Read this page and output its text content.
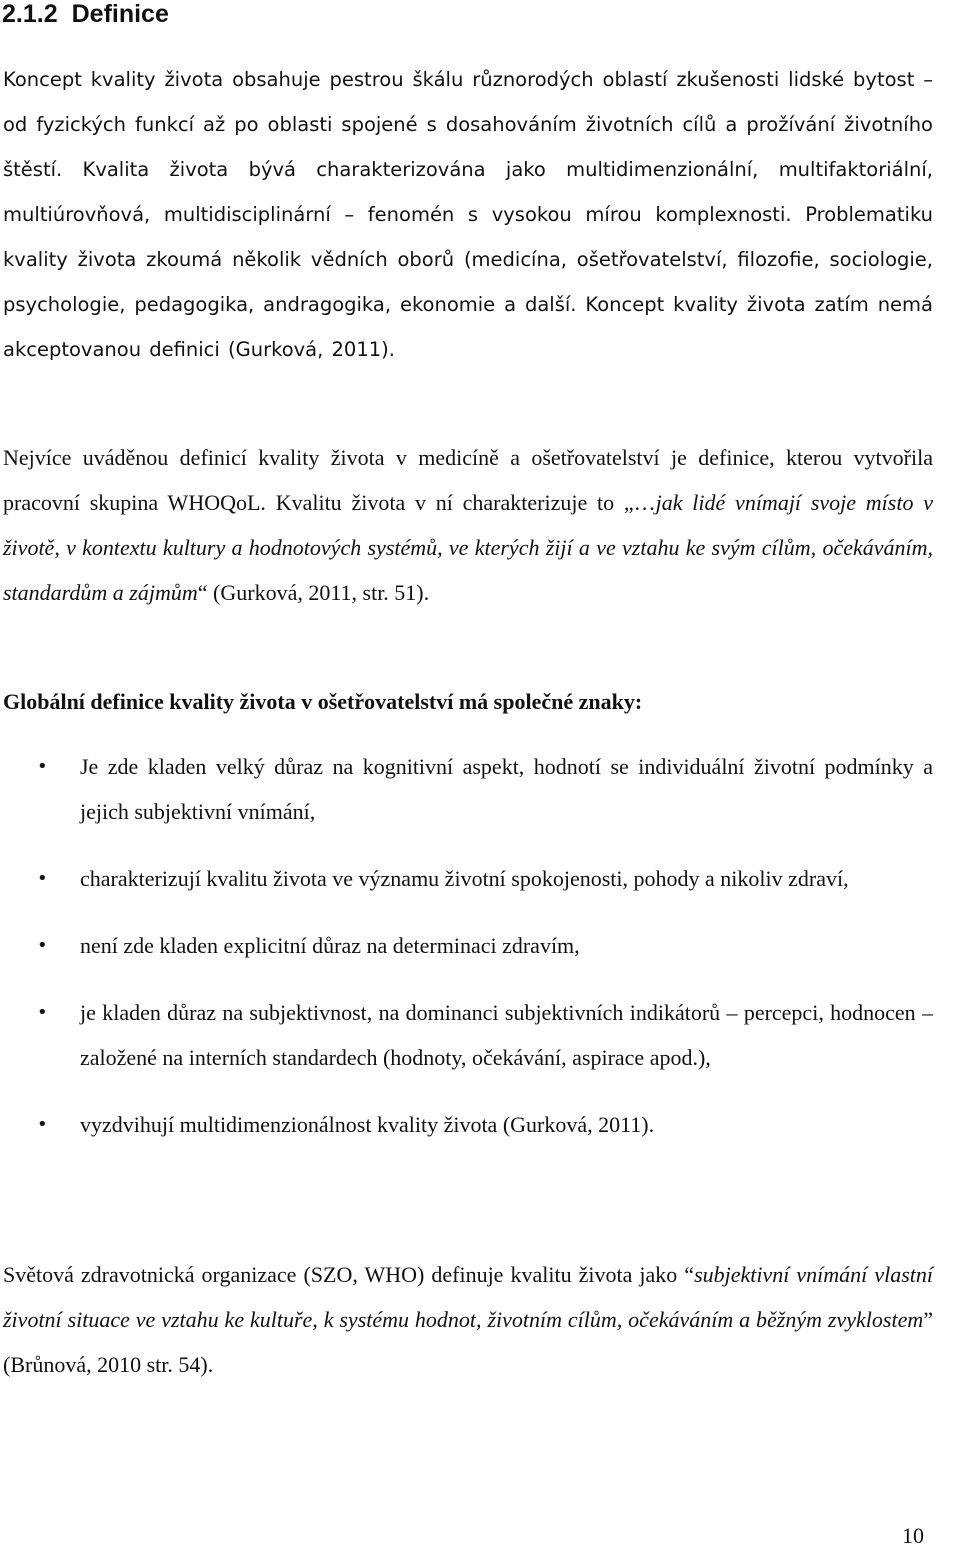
2.1.2 Definice

Koncept kvality života obsahuje pestrou škálu různorodých oblastí zkušenosti lidské bytost – od fyzických funkcí až po oblasti spojené s dosahováním životních cílů a prožívání životního štěstí. Kvalita života bývá charakterizována jako multidimenzionální, multifaktoriální, multiúrovňová, multidisciplinární – fenomén s vysokou mírou komplexnosti. Problematiku kvality života zkoumá několik vědních oborů (medicína, ošetřovatelství, filozofie, sociologie, psychologie, pedagogika, andragogika, ekonomie a další. Koncept kvality života zatím nemá akceptovanou definici (Gurková, 2011).

Nejvíce uváděnou definicí kvality života v medicíně a ošetřovatelství je definice, kterou vytvořila pracovní skupina WHOQoL. Kvalitu života v ní charakterizuje to „…jak lidé vnímají svoje místo v životě, v kontextu kultury a hodnotových systémů, ve kterých žijí a ve vztahu ke svým cílům, očekáváním, standardům a zájmům“ (Gurková, 2011, str. 51).

Globální definice kvality života v ošetřovatelství má společné znaky:

• Je zde kladen velký důraz na kognitivní aspekt, hodnotí se individuální životní podmínky a jejich subjektivní vnímání,
• charakterizují kvalitu života ve významu životní spokojenosti, pohody a nikoliv zdraví,
• není zde kladen explicitní důraz na determinaci zdravím,
• je kladen důraz na subjektivnost, na dominanci subjektivních indikátorů – percepci, hodnocen – založené na interních standardech (hodnoty, očekávání, aspirace apod.),
• vyzdvihují multidimenzionálnost kvality života (Gurková, 2011).

Světová zdravotnická organizace (SZO, WHO) definuje kvalitu života jako “subjektivní vnímání vlastní životní situace ve vztahu ke kultuře, k systému hodnot, životním cílům, očekáváním a běžným zvyklostem” (Brůnová, 2010 str. 54).

10
